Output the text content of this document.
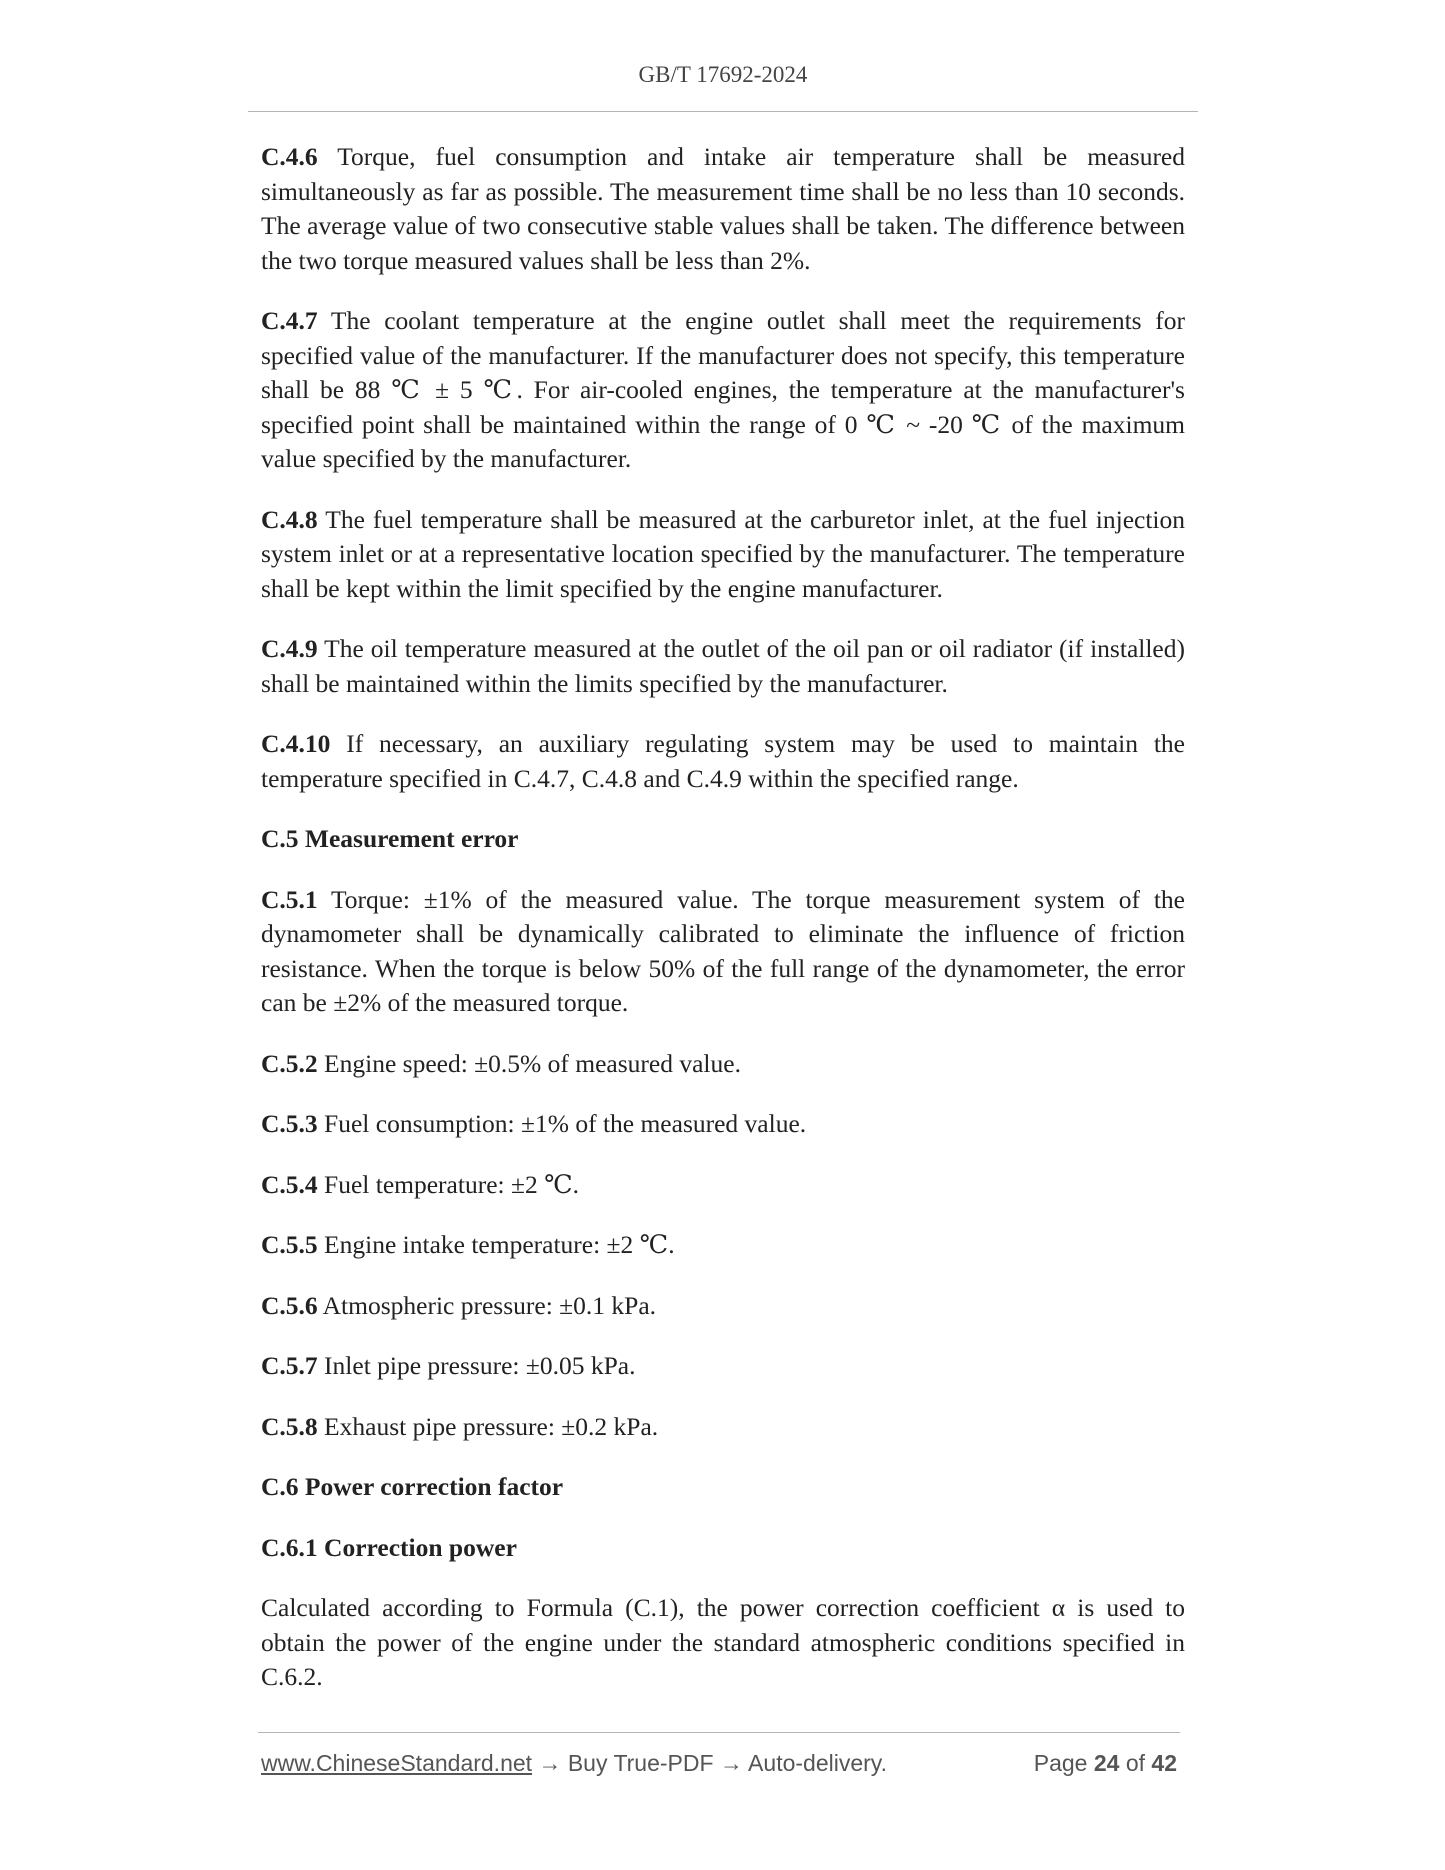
GB/T 17692-2024

C.4.6 Torque, fuel consumption and intake air temperature shall be measured simultaneously as far as possible. The measurement time shall be no less than 10 seconds. The average value of two consecutive stable values shall be taken. The difference between the two torque measured values shall be less than 2%.

C.4.7 The coolant temperature at the engine outlet shall meet the requirements for specified value of the manufacturer. If the manufacturer does not specify, this temperature shall be 88 ℃ ± 5 ℃. For air-cooled engines, the temperature at the manufacturer's specified point shall be maintained within the range of 0 ℃ ~ -20 ℃ of the maximum value specified by the manufacturer.

C.4.8 The fuel temperature shall be measured at the carburetor inlet, at the fuel injection system inlet or at a representative location specified by the manufacturer. The temperature shall be kept within the limit specified by the engine manufacturer.

C.4.9 The oil temperature measured at the outlet of the oil pan or oil radiator (if installed) shall be maintained within the limits specified by the manufacturer.

C.4.10 If necessary, an auxiliary regulating system may be used to maintain the temperature specified in C.4.7, C.4.8 and C.4.9 within the specified range.

C.5 Measurement error

C.5.1 Torque: ±1% of the measured value. The torque measurement system of the dynamometer shall be dynamically calibrated to eliminate the influence of friction resistance. When the torque is below 50% of the full range of the dynamometer, the error can be ±2% of the measured torque.

C.5.2 Engine speed: ±0.5% of measured value.

C.5.3 Fuel consumption: ±1% of the measured value.

C.5.4 Fuel temperature: ±2 ℃.

C.5.5 Engine intake temperature: ±2 ℃.

C.5.6 Atmospheric pressure: ±0.1 kPa.

C.5.7 Inlet pipe pressure: ±0.05 kPa.

C.5.8 Exhaust pipe pressure: ±0.2 kPa.

C.6 Power correction factor

C.6.1 Correction power

Calculated according to Formula (C.1), the power correction coefficient α is used to obtain the power of the engine under the standard atmospheric conditions specified in C.6.2.

www.ChineseStandard.net → Buy True-PDF → Auto-delivery.	Page 24 of 42
